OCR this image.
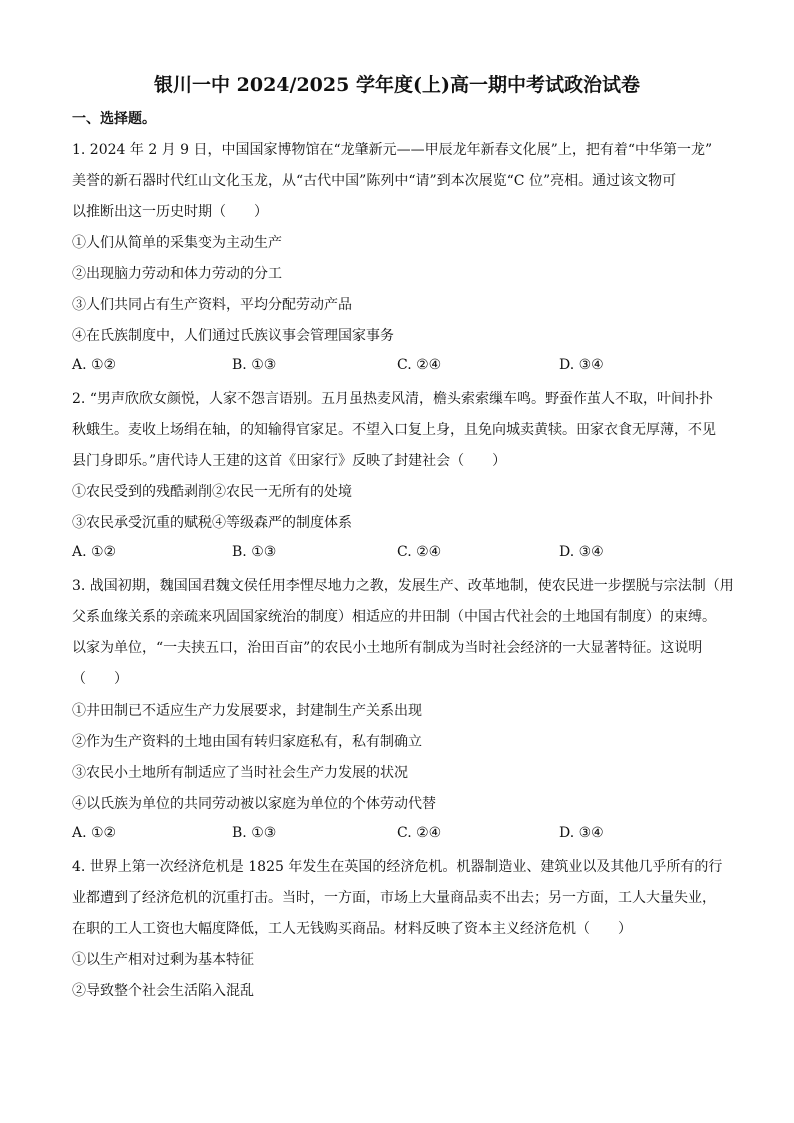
银川一中 2024/2025 学年度(上)高一期中考试政治试卷
一、选择题。
1. 2024 年 2 月 9 日，中国国家博物馆在“龙肇新元——甲辰龙年新春文化展”上，把有着“中华第一龙”
美誉的新石器时代红山文化玉龙，从“古代中国”陈列中“请”到本次展览“C 位”亮相。通过该文物可
以推断出这一历史时期（　　）
①人们从简单的采集变为主动生产
②出现脑力劳动和体力劳动的分工
③人们共同占有生产资料，平均分配劳动产品
④在氏族制度中，人们通过氏族议事会管理国家事务
A. ①②	B. ①③	C. ②④	D. ③④
2. “男声欣欣女颜悦，人家不怨言语别。五月虽热麦风清，檐头索索缫车鸣。野蚕作茧人不取，叶间扑扑
秋蛾生。麦收上场绢在轴，的知输得官家足。不望入口复上身，且免向城卖黄犊。田家衣食无厚薄，不见
县门身即乐。”唐代诗人王建的这首《田家行》反映了封建社会（　　）
①农民受到的残酷剥削②农民一无所有的处境
③农民承受沉重的赋税④等级森严的制度体系
A. ①②	B. ①③	C. ②④	D. ③④
3. 战国初期，魏国国君魏文侯任用李悝尽地力之教，发展生产、改革地制，使农民进一步摆脱与宗法制（用
父系血缘关系的亲疏来巩固国家统治的制度）相适应的井田制（中国古代社会的土地国有制度）的束缚。
以家为单位，“一夫挟五口，治田百亩”的农民小土地所有制成为当时社会经济的一大显著特征。这说明
（　　）
①井田制已不适应生产力发展要求，封建制生产关系出现
②作为生产资料的土地由国有转归家庭私有，私有制确立
③农民小土地所有制适应了当时社会生产力发展的状况
④以氏族为单位的共同劳动被以家庭为单位的个体劳动代替
A. ①②	B. ①③	C. ②④	D. ③④
4. 世界上第一次经济危机是 1825 年发生在英国的经济危机。机器制造业、建筑业以及其他几乎所有的行
业都遭到了经济危机的沉重打击。当时，一方面，市场上大量商品卖不出去；另一方面，工人大量失业，
在职的工人工资也大幅度降低，工人无钱购买商品。材料反映了资本主义经济危机（　　）
①以生产相对过剩为基本特征
②导致整个社会生活陷入混乱
